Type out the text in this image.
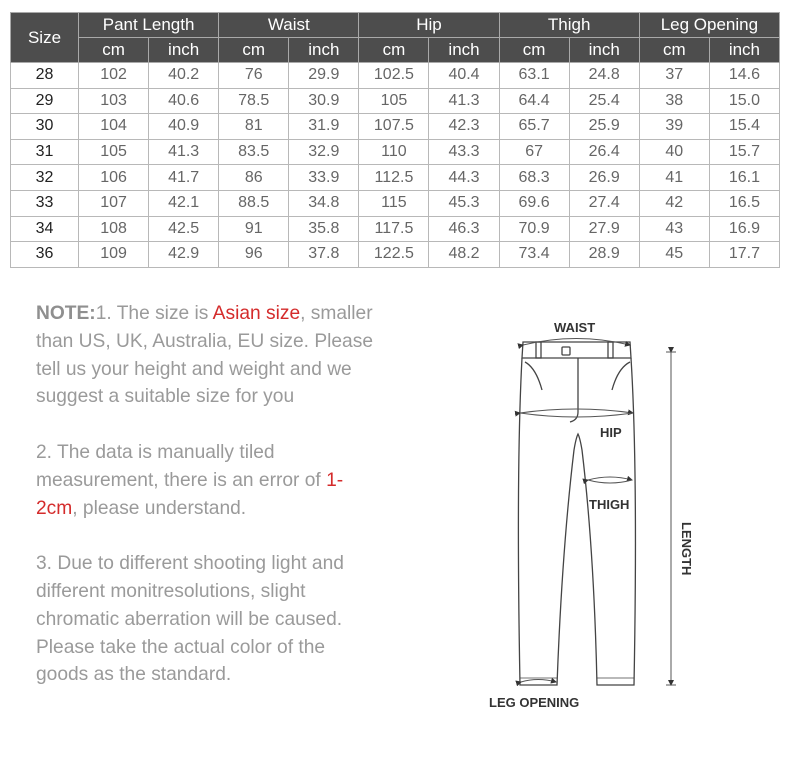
Size	Pant Length		Waist		Hip		Thigh		Leg Opening	
	cm	inch	cm	inch	cm	inch	cm	inch	cm	inch
28	102	40.2	76	29.9	102.5	40.4	63.1	24.8	37	14.6
29	103	40.6	78.5	30.9	105	41.3	64.4	25.4	38	15.0
30	104	40.9	81	31.9	107.5	42.3	65.7	25.9	39	15.4
31	105	41.3	83.5	32.9	110	43.3	67	26.4	40	15.7
32	106	41.7	86	33.9	112.5	44.3	68.3	26.9	41	16.1
33	107	42.1	88.5	34.8	115	45.3	69.6	27.4	42	16.5
34	108	42.5	91	35.8	117.5	46.3	70.9	27.9	43	16.9
36	109	42.9	96	37.8	122.5	48.2	73.4	28.9	45	17.7

NOTE:1. The size is Asian size, smaller than US, UK, Australia, EU size. Please tell us your height and weight and we suggest a suitable size for you

2. The data is manually tiled measurement, there is an error of 1-2cm, please understand.

3. Due to different shooting light and different monitresolutions, slight chromatic aberration will be caused. Please take the actual color of the goods as the standard.

WAIST
HIP
THIGH
LENGTH
LEG OPENING
